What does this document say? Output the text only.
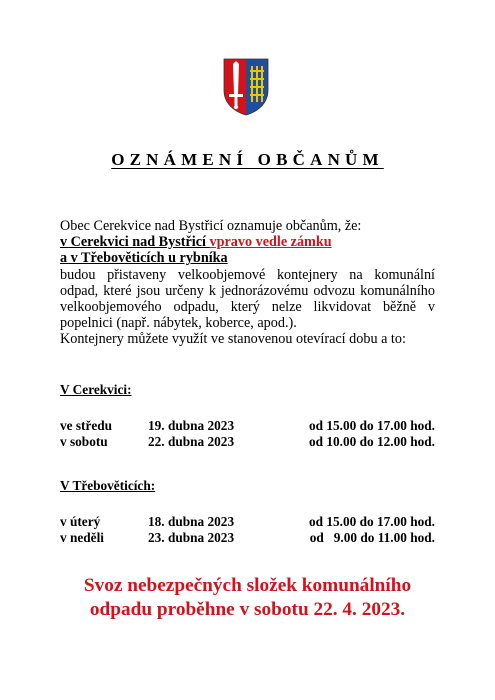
OZNÁMENÍ OBČANŮM
Obec Cerekvice nad Bystřicí oznamuje občanům, že:
v Cerekvici nad Bystřicí vpravo vedle zámku
a v Třebověticích u rybníka
budou přistaveny velkoobjemové kontejnery na komunální odpad, které jsou určeny k jednorázovému odvozu komunálního velkoobjemového odpadu, který nelze likvidovat běžně v popelnici (např. nábytek, koberce, apod.).
Kontejnery můžete využít ve stanovenou otevírací dobu a to:
V Cerekvici:
ve středu	19. dubna 2023	od 15.00 do 17.00 hod.
v sobotu	22. dubna 2023	od 10.00 do 12.00 hod.
V Třebověticích:
v úterý	18. dubna 2023	od 15.00 do 17.00 hod.
v neděli	23. dubna 2023	od   9.00 do 11.00 hod.
Svoz nebezpečných složek komunálního
odpadu proběhne v sobotu 22. 4. 2023.
